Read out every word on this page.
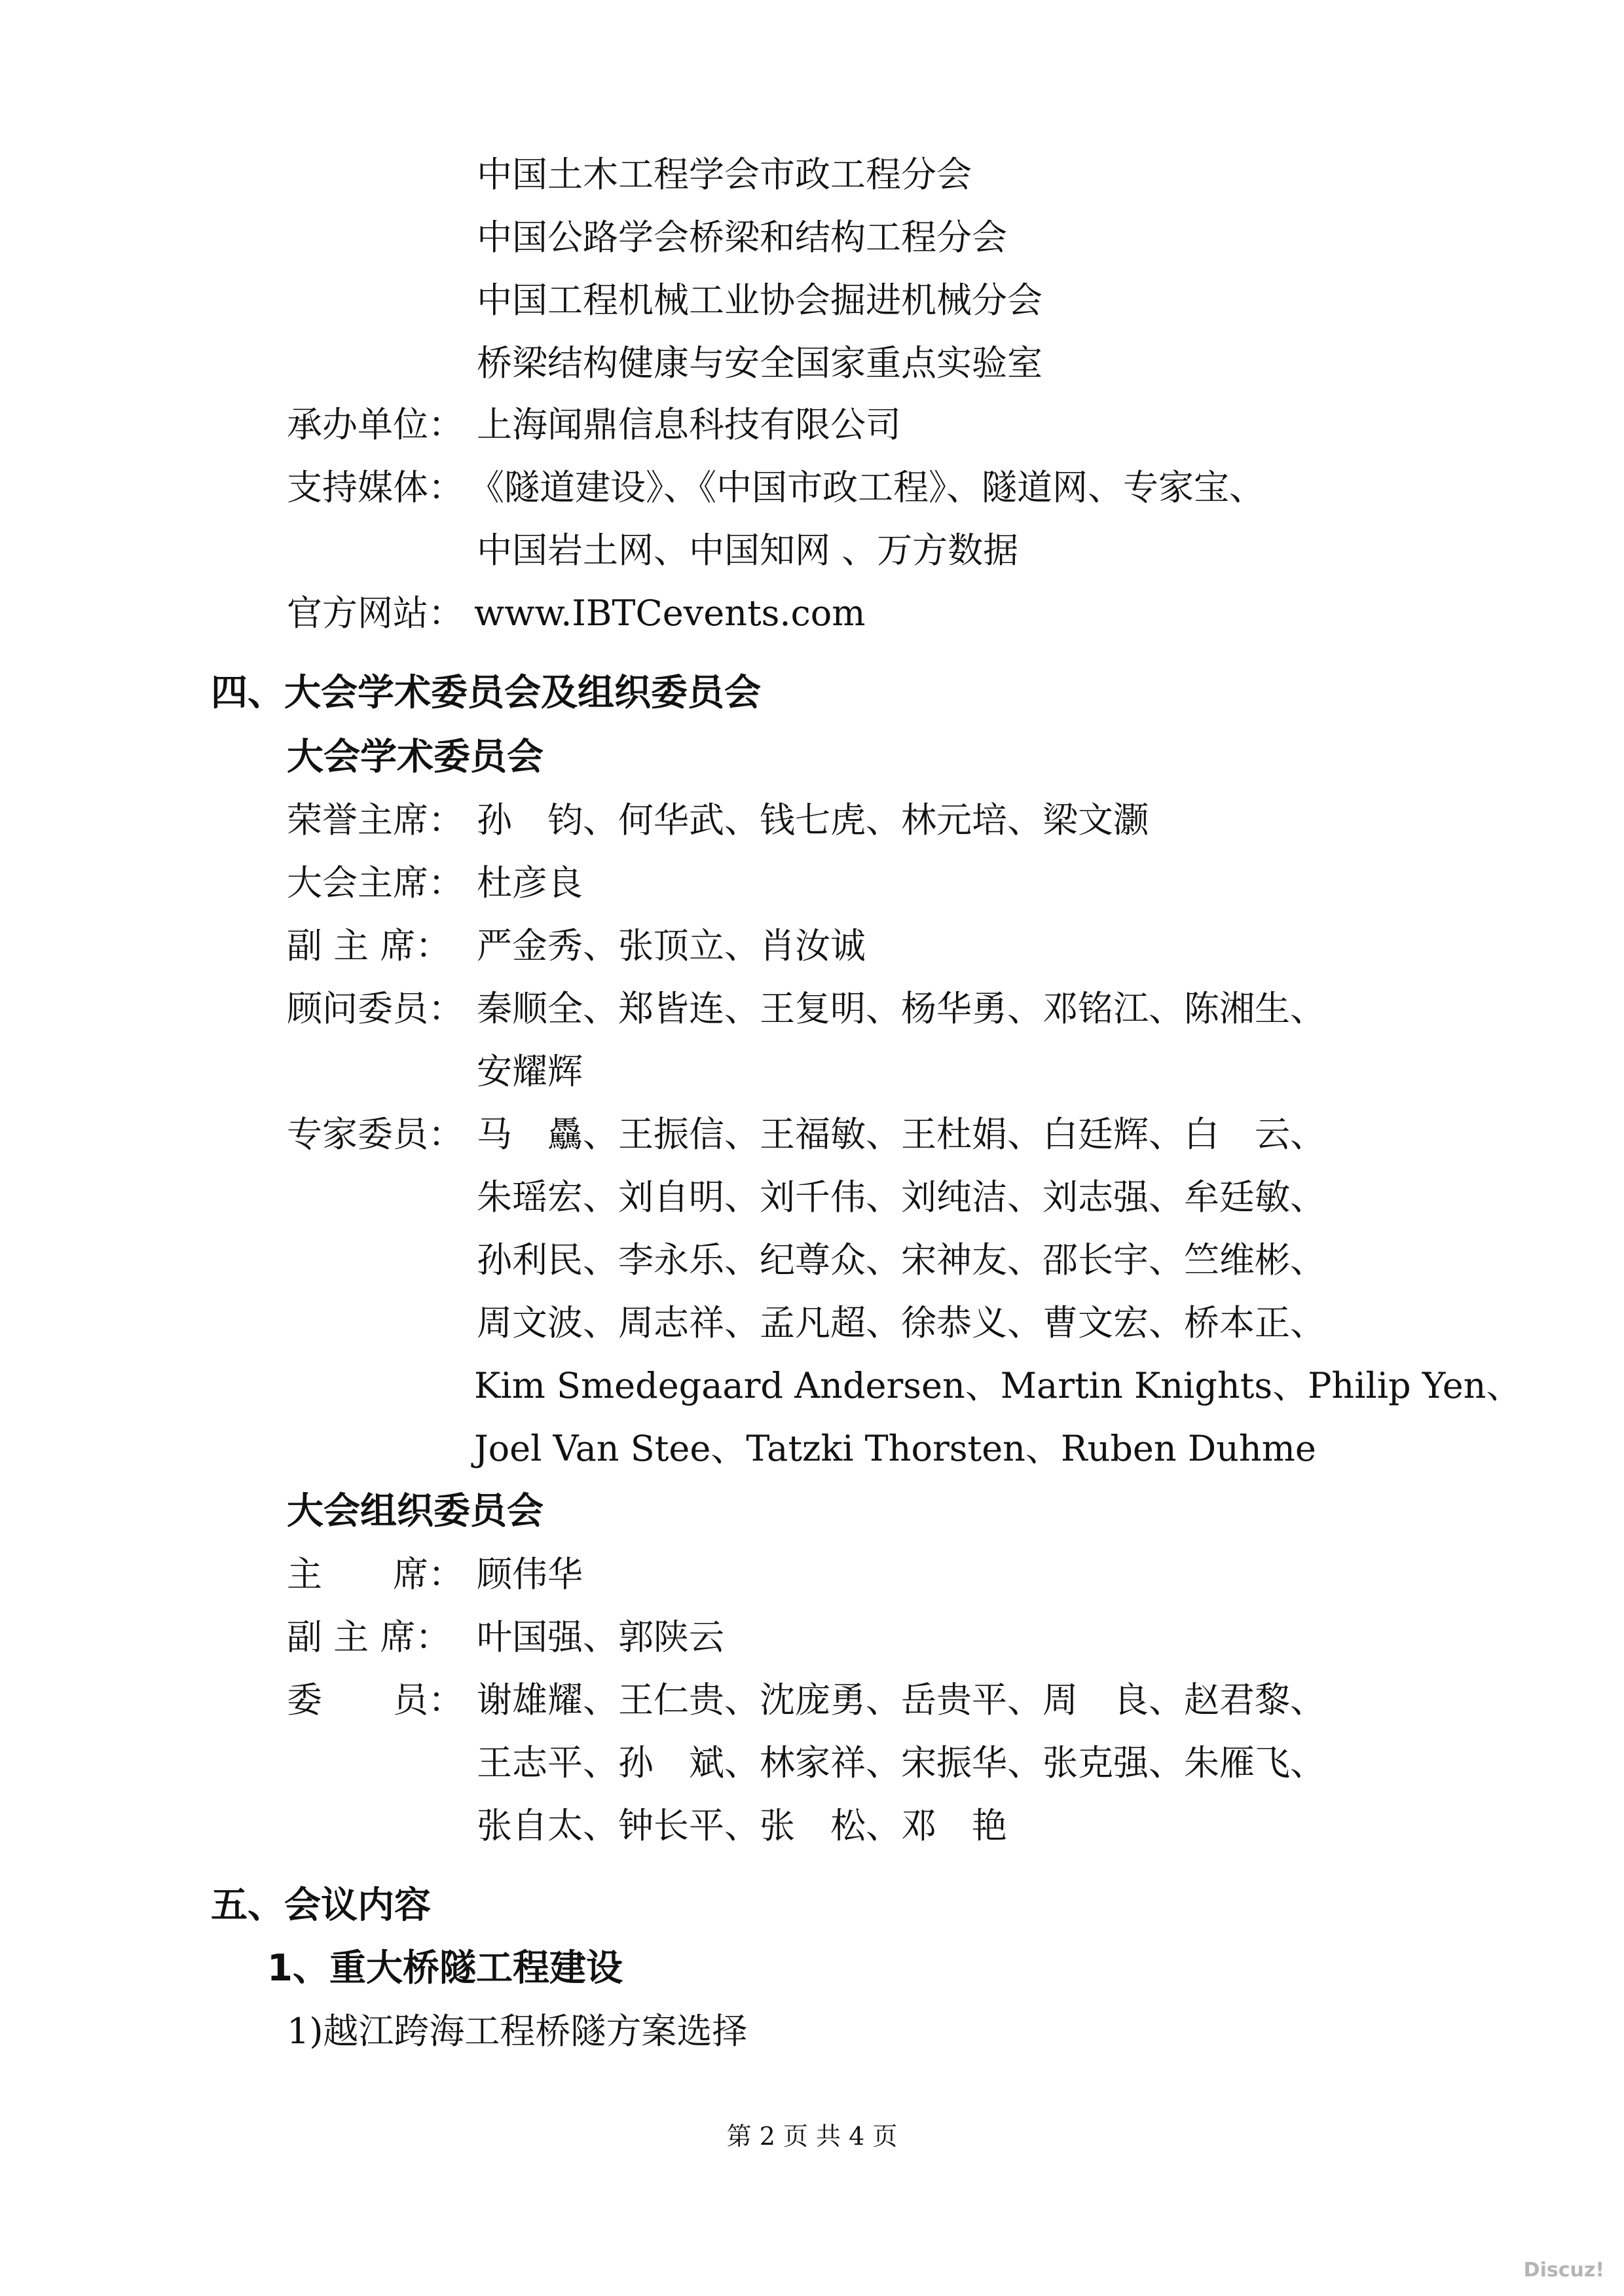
中国土木工程学会市政工程分会
中国公路学会桥梁和结构工程分会
中国工程机械工业协会掘进机械分会
桥梁结构健康与安全国家重点实验室
承办单位： 上海闻鼎信息科技有限公司
支持媒体： 《隧道建设》、《中国市政工程》、隧道网、专家宝、
中国岩土网、中国知网 、万方数据
官方网站： www.IBTCevents.com
四、大会学术委员会及组织委员会
大会学术委员会
荣誉主席： 孙　钧、何华武、钱七虎、林元培、梁文灏
大会主席： 杜彦良
副 主 席： 严金秀、张顶立、肖汝诚
顾问委员： 秦顺全、郑皆连、王复明、杨华勇、邓铭江、陈湘生、
安耀辉
专家委员： 马　驫、王振信、王福敏、王杜娟、白廷辉、白　云、
朱瑶宏、刘自明、刘千伟、刘纯洁、刘志强、牟廷敏、
孙利民、李永乐、纪尊众、宋神友、邵长宇、竺维彬、
周文波、周志祥、孟凡超、徐恭义、曹文宏、桥本正、
Kim Smedegaard Andersen、Martin Knights、Philip Yen、
Joel Van Stee、Tatzki Thorsten、Ruben Duhme
大会组织委员会
主　　席： 顾伟华
副 主 席： 叶国强、郭陕云
委　　员： 谢雄耀、王仁贵、沈庞勇、岳贵平、周　良、赵君黎、
王志平、孙　斌、林家祥、宋振华、张克强、朱雁飞、
张自太、钟长平、张　松、邓　艳
五、会议内容
1、重大桥隧工程建设
1)越江跨海工程桥隧方案选择
第 2 页 共 4 页
Discuz!
